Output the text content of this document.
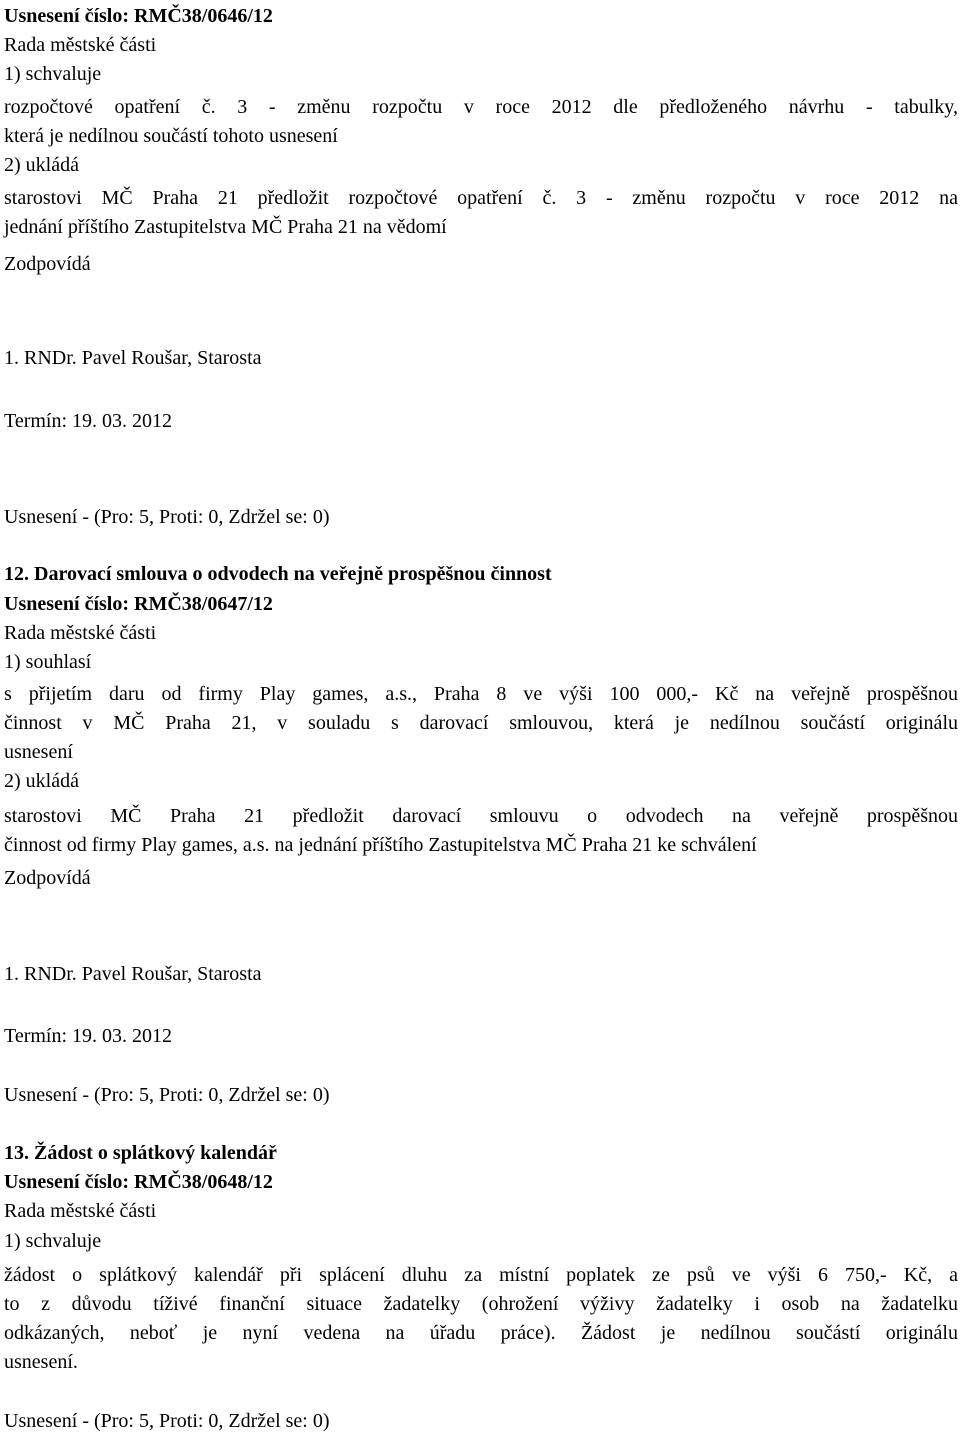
Usnesení číslo: RMČ38/0646/12
Rada městské části
1) schvaluje
rozpočtové opatření č. 3 - změnu rozpočtu v roce 2012 dle předloženého návrhu - tabulky,
která je nedílnou součástí tohoto usnesení
2) ukládá
starostovi MČ Praha 21 předložit rozpočtové opatření č. 3 - změnu rozpočtu v roce 2012 na
jednání příštího Zastupitelstva MČ Praha 21 na vědomí
Zodpovídá
1. RNDr. Pavel Roušar, Starosta
Termín: 19. 03. 2012
Usnesení - (Pro: 5, Proti: 0, Zdržel se: 0)
12. Darovací smlouva o odvodech na veřejně prospěšnou činnost
Usnesení číslo: RMČ38/0647/12
Rada městské části
1) souhlasí
s přijetím daru od firmy Play games, a.s., Praha 8 ve výši 100 000,- Kč na veřejně prospěšnou
činnost v MČ Praha 21, v souladu s darovací smlouvou, která je nedílnou součástí originálu
usnesení
2) ukládá
starostovi MČ Praha 21 předložit darovací smlouvu o odvodech na veřejně prospěšnou
činnost od firmy Play games, a.s. na jednání příštího Zastupitelstva MČ Praha 21 ke schválení
Zodpovídá
1. RNDr. Pavel Roušar, Starosta
Termín: 19. 03. 2012
Usnesení - (Pro: 5, Proti: 0, Zdržel se: 0)
13. Žádost o splátkový kalendář
Usnesení číslo: RMČ38/0648/12
Rada městské části
1) schvaluje
žádost o splátkový kalendář při splácení dluhu za místní poplatek ze psů ve výši 6 750,- Kč, a
to z důvodu tíživé finanční situace žadatelky (ohrožení výživy žadatelky i osob na žadatelku
odkázaných, neboť je nyní vedena na úřadu práce). Žádost je nedílnou součástí originálu
usnesení.
Usnesení - (Pro: 5, Proti: 0, Zdržel se: 0)
